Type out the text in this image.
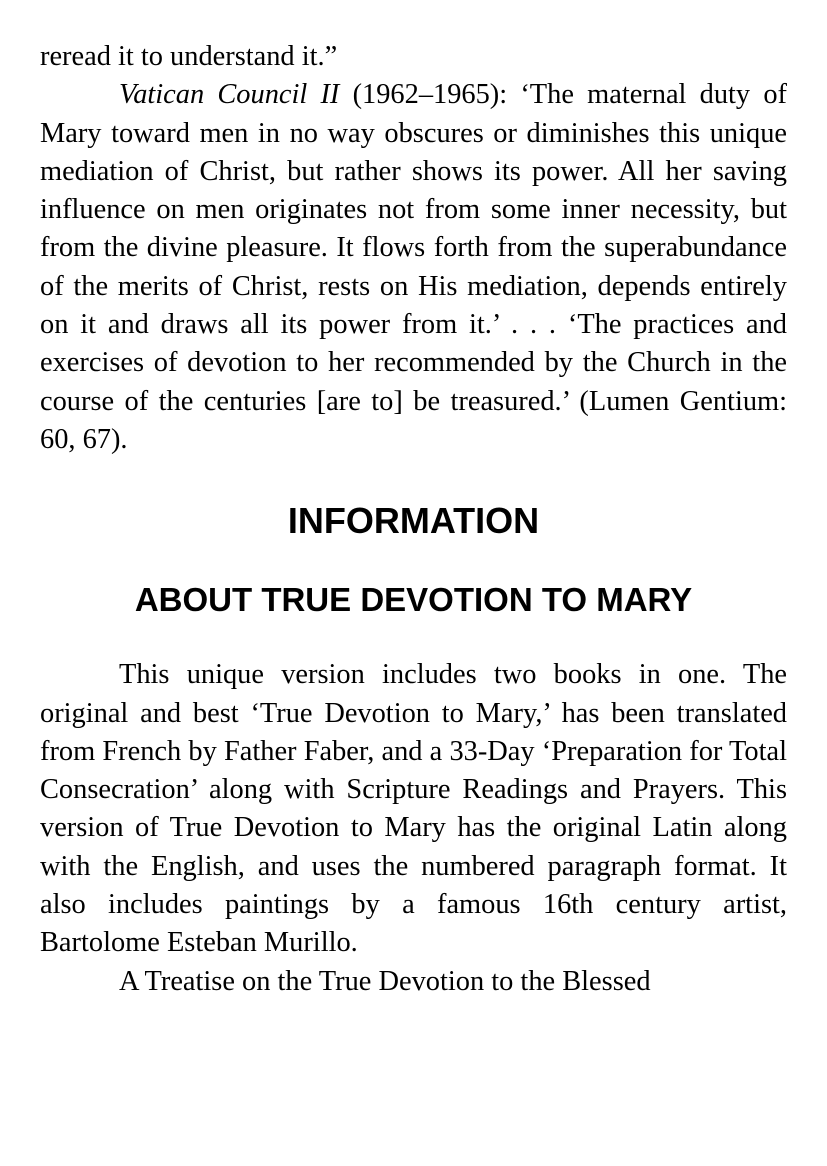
reread it to understand it.”

Vatican Council II (1962–1965): ‘The maternal duty of Mary toward men in no way obscures or diminishes this unique mediation of Christ, but rather shows its power. All her saving influence on men originates not from some inner necessity, but from the divine pleasure. It flows forth from the superabundance of the merits of Christ, rests on His mediation, depends entirely on it and draws all its power from it.’ . . . ‘The practices and exercises of devotion to her recommended by the Church in the course of the centuries [are to] be treasured.’ (Lumen Gentium: 60, 67).

INFORMATION
ABOUT TRUE DEVOTION TO MARY

This unique version includes two books in one. The original and best ‘True Devotion to Mary,’ has been translated from French by Father Faber, and a 33-Day ‘Preparation for Total Consecration’ along with Scripture Readings and Prayers. This version of True Devotion to Mary has the original Latin along with the English, and uses the numbered paragraph format. It also includes paintings by a famous 16th century artist, Bartolome Esteban Murillo.

A Treatise on the True Devotion to the Blessed
